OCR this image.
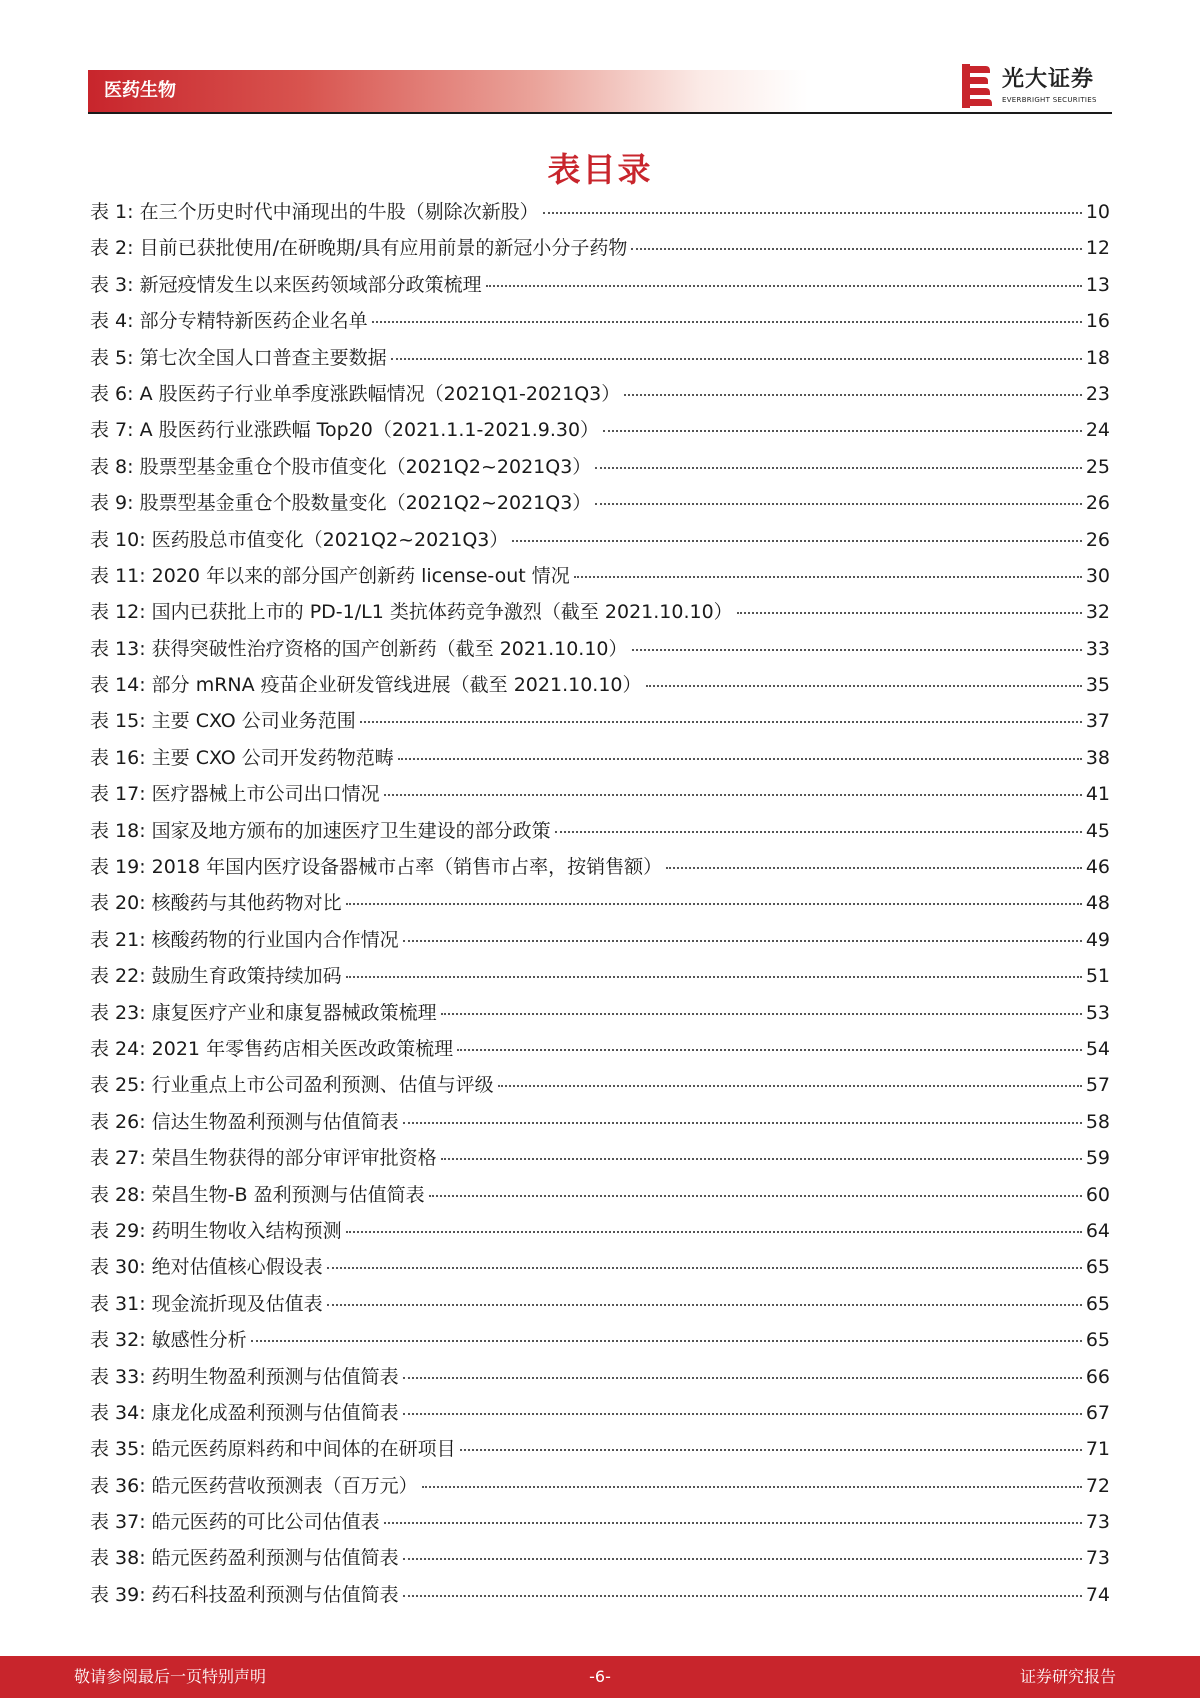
医药生物	光大证券
EVERBRIGHT SECURITIES
表目录
表 1:
在三个历史时代中涌现出的牛股（剔除次新股）	10
表 2:
目前已获批使用/在研晚期/具有应用前景的新冠小分子药物	12
表 3:
新冠疫情发生以来医药领域部分政策梳理	13
表 4:
部分专精特新医药企业名单	16
表 5:
第七次全国人口普查主要数据	18
表 6:
A 股医药子行业单季度涨跌幅情况（2021Q1-2021Q3）	23
表 7:
A 股医药行业涨跌幅 Top20（2021.1.1-2021.9.30）	24
表 8:
股票型基金重仓个股市值变化（2021Q2~2021Q3）	25
表 9:
股票型基金重仓个股数量变化（2021Q2~2021Q3）	26
表 10:
医药股总市值变化（2021Q2~2021Q3）	26
表 11:
2020 年以来的部分国产创新药 license-out 情况	30
表 12:
国内已获批上市的 PD-1/L1 类抗体药竞争激烈（截至 2021.10.10）	32
表 13:
获得突破性治疗资格的国产创新药（截至 2021.10.10）	33
表 14:
部分 mRNA 疫苗企业研发管线进展（截至 2021.10.10）	35
表 15:
主要 CXO 公司业务范围	37
表 16:
主要 CXO 公司开发药物范畴	38
表 17:
医疗器械上市公司出口情况	41
表 18:
国家及地方颁布的加速医疗卫生建设的部分政策	45
表 19:
2018 年国内医疗设备器械市占率（销售市占率，按销售额）	46
表 20:
核酸药与其他药物对比	48
表 21:
核酸药物的行业国内合作情况	49
表 22:
鼓励生育政策持续加码	51
表 23:
康复医疗产业和康复器械政策梳理	53
表 24:
2021 年零售药店相关医改政策梳理	54
表 25:
行业重点上市公司盈利预测、估值与评级	57
表 26:
信达生物盈利预测与估值简表	58
表 27:
荣昌生物获得的部分审评审批资格	59
表 28:
荣昌生物-B 盈利预测与估值简表	60
表 29:
药明生物收入结构预测	64
表 30:
绝对估值核心假设表	65
表 31:
现金流折现及估值表	65
表 32:
敏感性分析	65
表 33:
药明生物盈利预测与估值简表	66
表 34:
康龙化成盈利预测与估值简表	67
表 35:
皓元医药原料药和中间体的在研项目	71
表 36:
皓元医药营收预测表（百万元）	72
表 37:
皓元医药的可比公司估值表	73
表 38:
皓元医药盈利预测与估值简表	73
表 39:
药石科技盈利预测与估值简表	74
敬请参阅最后一页特别声明	-6-	证券研究报告
